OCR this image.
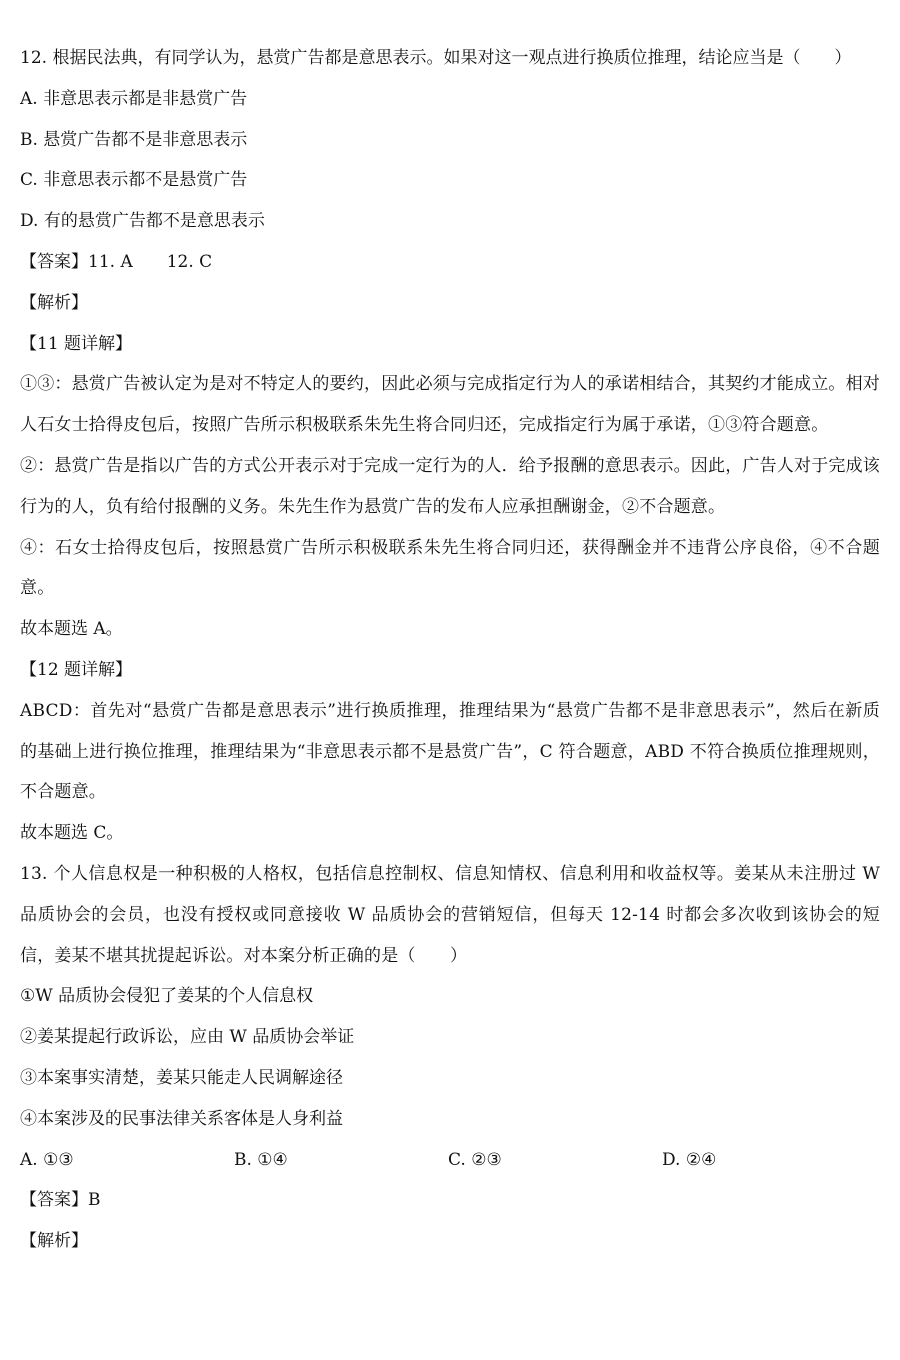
12. 根据民法典，有同学认为，悬赏广告都是意思表示。如果对这一观点进行换质位推理，结论应当是（　　）
A. 非意思表示都是非悬赏广告
B. 悬赏广告都不是非意思表示
C. 非意思表示都不是悬赏广告
D. 有的悬赏广告都不是意思表示
【答案】11. A　　12. C
【解析】
【11 题详解】
①③：悬赏广告被认定为是对不特定人的要约，因此必须与完成指定行为人的承诺相结合，其契约才能成立。相对人石女士拾得皮包后，按照广告所示积极联系朱先生将合同归还，完成指定行为属于承诺，①③符合题意。
②：悬赏广告是指以广告的方式公开表示对于完成一定行为的人．给予报酬的意思表示。因此，广告人对于完成该行为的人，负有给付报酬的义务。朱先生作为悬赏广告的发布人应承担酬谢金，②不合题意。
④：石女士拾得皮包后，按照悬赏广告所示积极联系朱先生将合同归还，获得酬金并不违背公序良俗，④不合题意。
故本题选 A。
【12 题详解】
ABCD：首先对“悬赏广告都是意思表示”进行换质推理，推理结果为“悬赏广告都不是非意思表示”，然后在新质的基础上进行换位推理，推理结果为“非意思表示都不是悬赏广告”，C 符合题意，ABD 不符合换质位推理规则，不合题意。
故本题选 C。
13. 个人信息权是一种积极的人格权，包括信息控制权、信息知情权、信息利用和收益权等。姜某从未注册过 W 品质协会的会员，也没有授权或同意接收 W 品质协会的营销短信，但每天 12-14 时都会多次收到该协会的短信，姜某不堪其扰提起诉讼。对本案分析正确的是（　　）
①W 品质协会侵犯了姜某的个人信息权
②姜某提起行政诉讼，应由 W 品质协会举证
③本案事实清楚，姜某只能走人民调解途径
④本案涉及的民事法律关系客体是人身利益
A. ①③	B. ①④	C. ②③	D. ②④
【答案】B
【解析】
